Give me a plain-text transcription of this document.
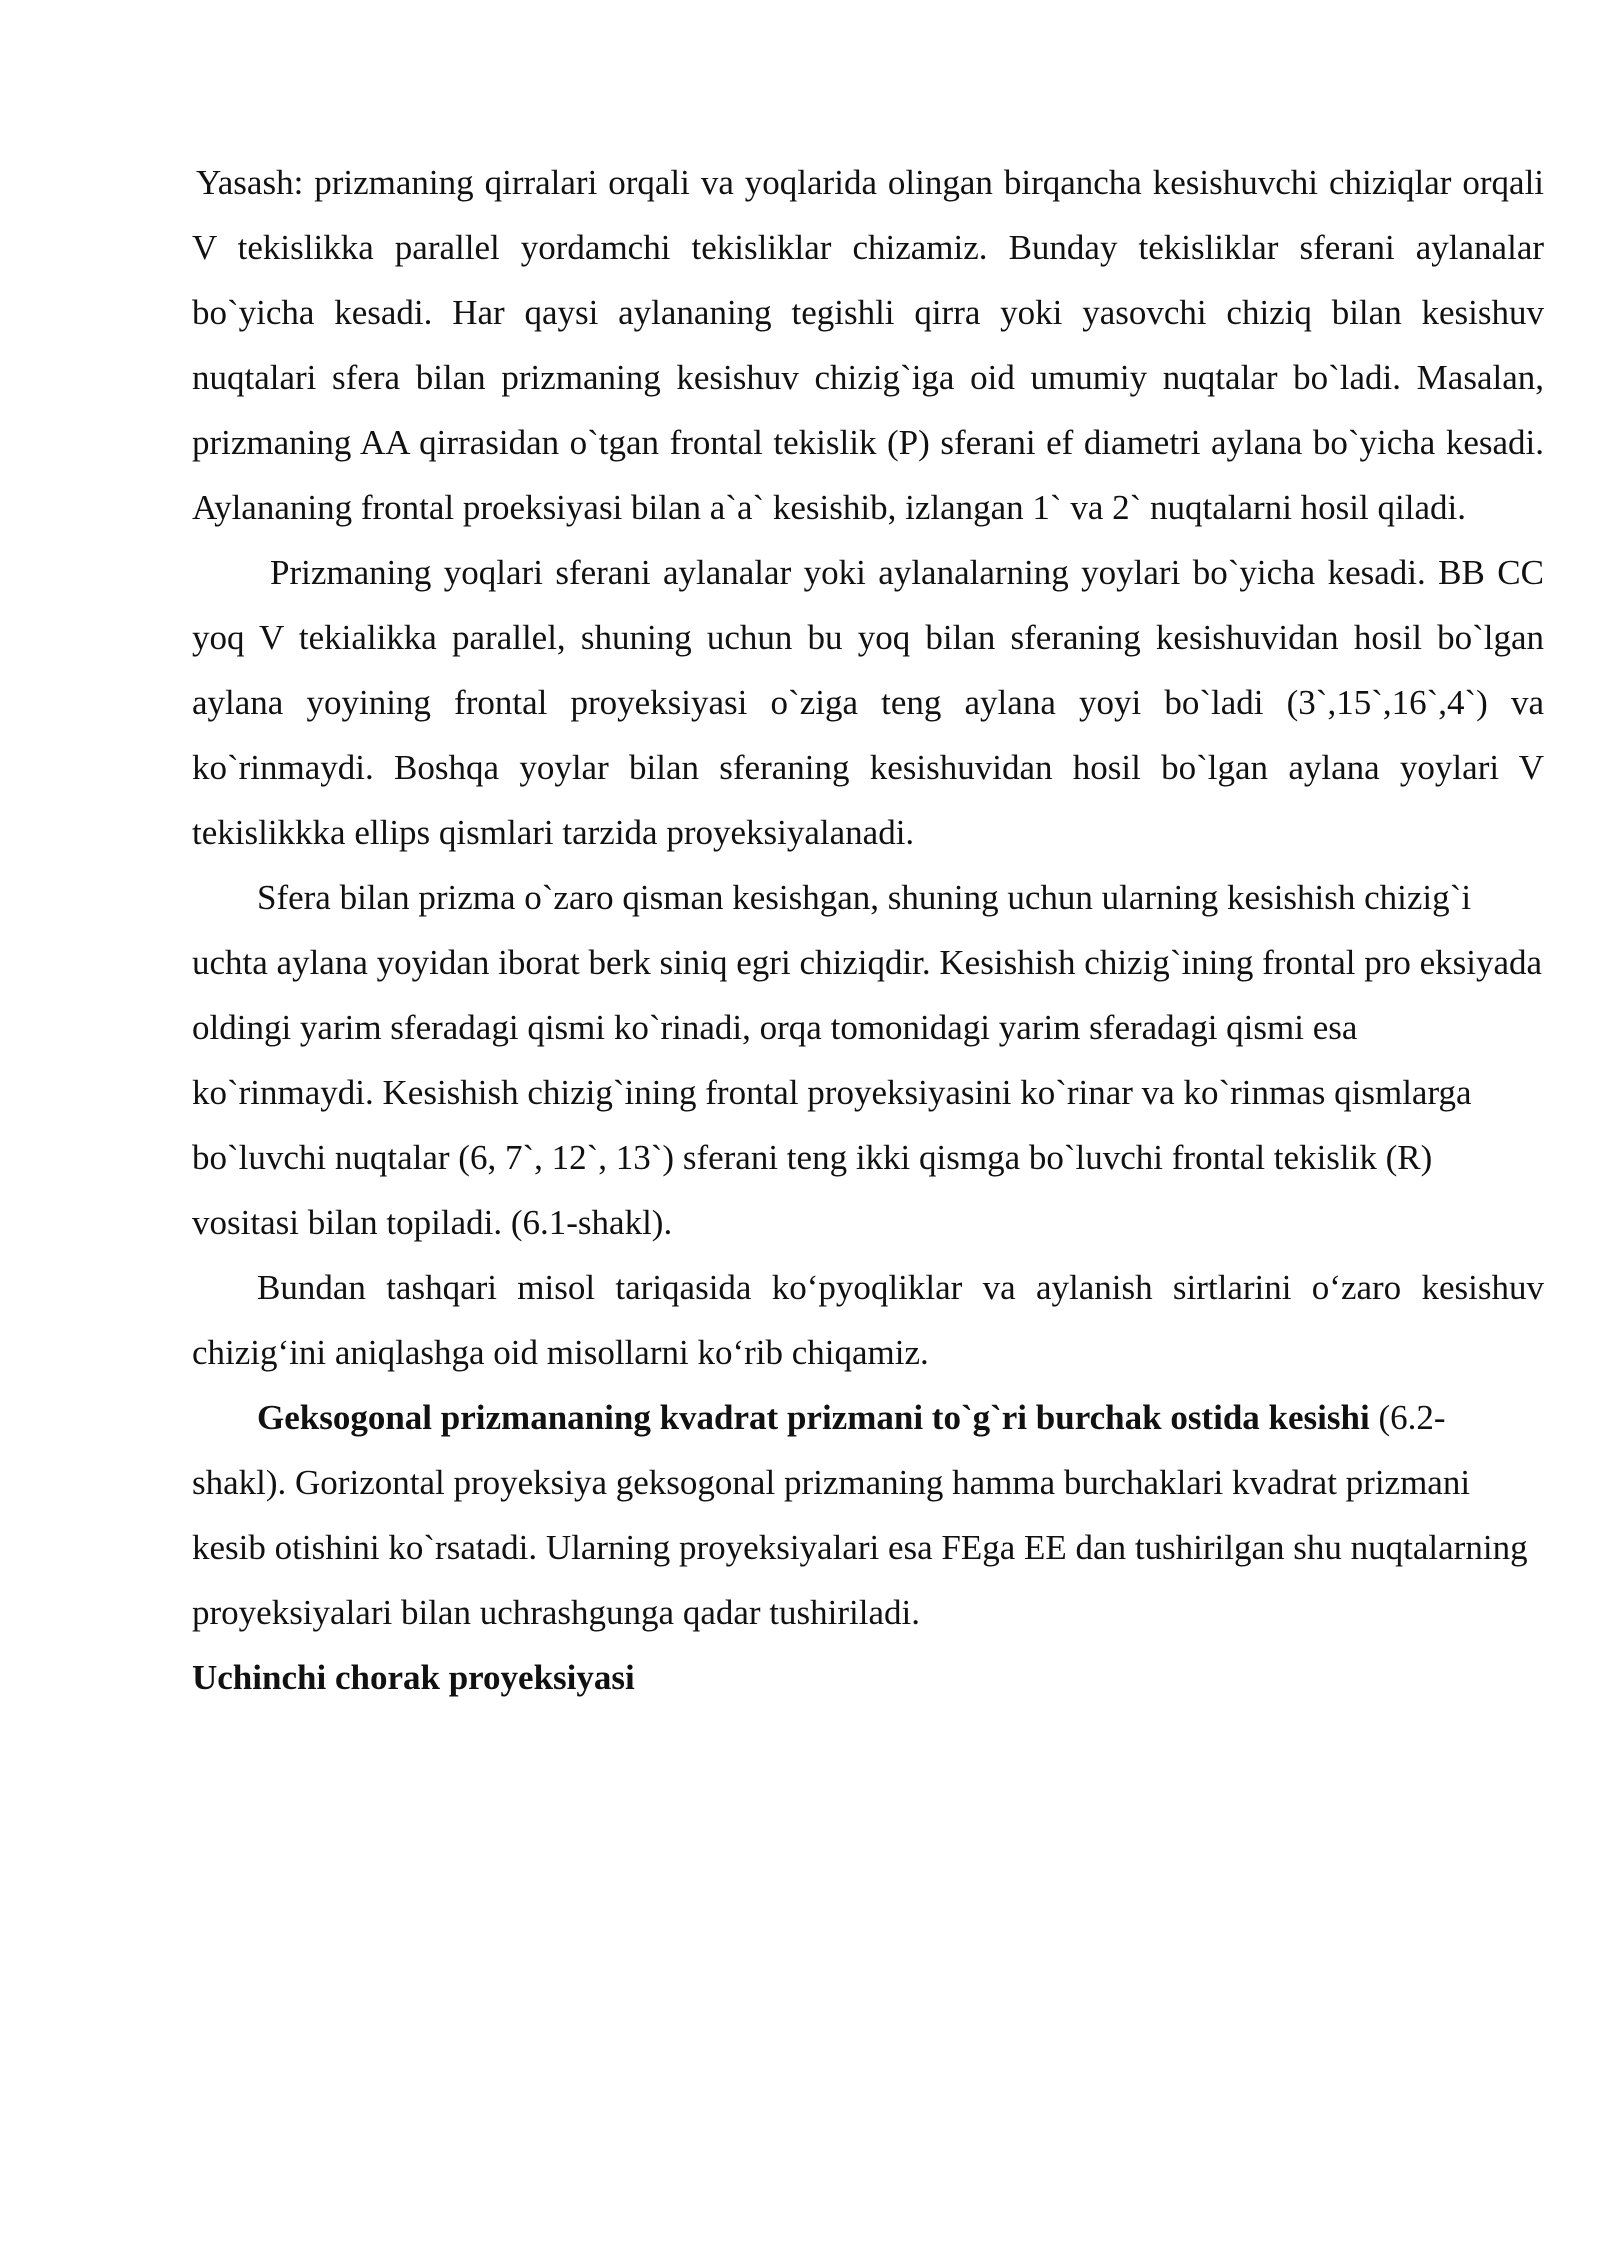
Yasash: prizmaning qirralari orqali va yoqlarida olingan birqancha kesishuvchi chiziqlar orqali V tekislikka parallel yordamchi tekisliklar chizamiz. Bunday tekisliklar sferani aylanalar bo`yicha kesadi. Har qaysi aylananing tegishli qirra yoki yasovchi chiziq bilan kesishuv nuqtalari sfera bilan prizmaning kesishuv chizig`iga oid umumiy nuqtalar bo`ladi. Masalan, prizmaning AA qirrasidan o`tgan frontal tekislik (P) sferani ef diametri aylana bo`yicha kesadi. Aylananing frontal proeksiyasi bilan a`a` kesishib, izlangan 1` va 2` nuqtalarni hosil qiladi.

Prizmaning yoqlari sferani aylanalar yoki aylanalarning yoylari bo`yicha kesadi. BB CC yoq V tekialikka parallel, shuning uchun bu yoq bilan sferaning kesishuvidan hosil bo`lgan aylana yoyining frontal proyeksiyasi o`ziga teng aylana yoyi bo`ladi (3`,15`,16`,4`) va ko`rinmaydi. Boshqa yoylar bilan sferaning kesishuvidan hosil bo`lgan aylana yoylari V tekislikkka ellips qismlari tarzida proyeksiyalanadi.

Sfera bilan prizma o`zaro qisman kesishgan, shuning uchun ularning kesishish chizig`i uchta aylana yoyidan iborat berk siniq egri chiziqdir. Kesishish chizig`ining frontal pro eksiyada oldingi yarim sferadagi qismi ko`rinadi, orqa tomonidagi yarim sferadagi qismi esa ko`rinmaydi. Kesishish chizig`ining frontal proyeksiyasini ko`rinar va ko`rinmas qismlarga bo`luvchi nuqtalar (6, 7`, 12`, 13`) sferani teng ikki qismga bo`luvchi frontal tekislik (R) vositasi bilan topiladi. (6.1-shakl).

Bundan tashqari misol tariqasida ko‘pyoqliklar va aylanish sirtlarini o‘zaro kesishuv chizig‘ini aniqlashga oid misollarni ko‘rib chiqamiz.

Geksogonal prizmananing kvadrat prizmani to`g`ri burchak ostida kesishi (6.2- shakl). Gorizontal proyeksiya geksogonal prizmaning hamma burchaklari kvadrat prizmani kesib otishini ko`rsatadi. Ularning proyeksiyalari esa FEga EE dan tushirilgan shu nuqtalarning proyeksiyalari bilan uchrashgunga qadar tushiriladi.

Uchinchi chorak proyeksiyasi
